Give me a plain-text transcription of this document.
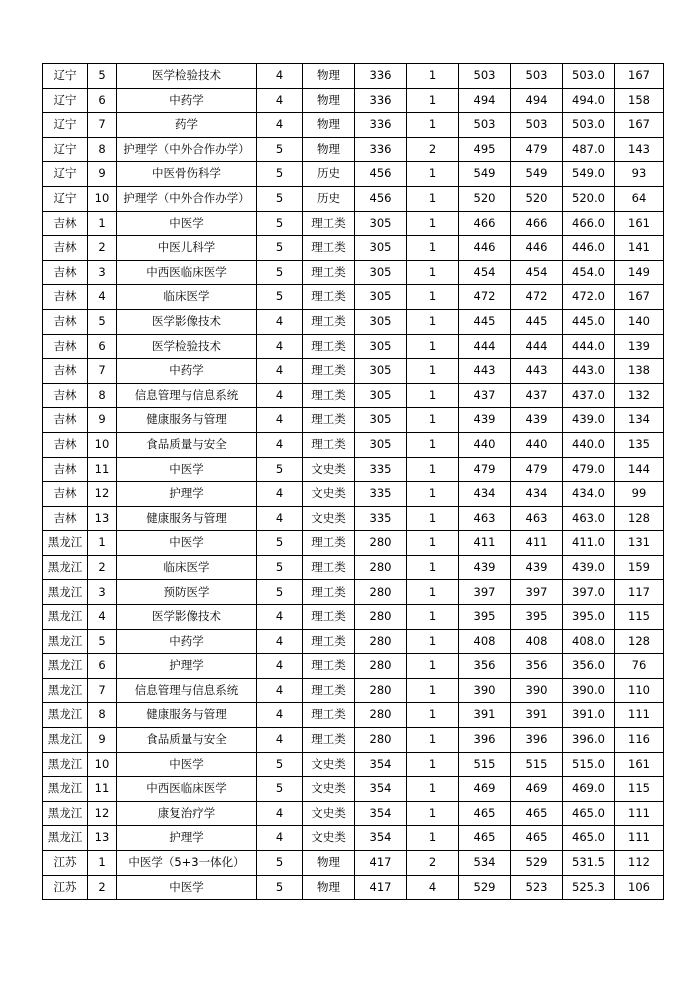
辽宁	5	医学检验技术	4	物理	336	1	503	503	503.0	167
辽宁	6	中药学	4	物理	336	1	494	494	494.0	158
辽宁	7	药学	4	物理	336	1	503	503	503.0	167
辽宁	8	护理学（中外合作办学）	5	物理	336	2	495	479	487.0	143
辽宁	9	中医骨伤科学	5	历史	456	1	549	549	549.0	93
辽宁	10	护理学（中外合作办学）	5	历史	456	1	520	520	520.0	64
吉林	1	中医学	5	理工类	305	1	466	466	466.0	161
吉林	2	中医儿科学	5	理工类	305	1	446	446	446.0	141
吉林	3	中西医临床医学	5	理工类	305	1	454	454	454.0	149
吉林	4	临床医学	5	理工类	305	1	472	472	472.0	167
吉林	5	医学影像技术	4	理工类	305	1	445	445	445.0	140
吉林	6	医学检验技术	4	理工类	305	1	444	444	444.0	139
吉林	7	中药学	4	理工类	305	1	443	443	443.0	138
吉林	8	信息管理与信息系统	4	理工类	305	1	437	437	437.0	132
吉林	9	健康服务与管理	4	理工类	305	1	439	439	439.0	134
吉林	10	食品质量与安全	4	理工类	305	1	440	440	440.0	135
吉林	11	中医学	5	文史类	335	1	479	479	479.0	144
吉林	12	护理学	4	文史类	335	1	434	434	434.0	99
吉林	13	健康服务与管理	4	文史类	335	1	463	463	463.0	128
黑龙江	1	中医学	5	理工类	280	1	411	411	411.0	131
黑龙江	2	临床医学	5	理工类	280	1	439	439	439.0	159
黑龙江	3	预防医学	5	理工类	280	1	397	397	397.0	117
黑龙江	4	医学影像技术	4	理工类	280	1	395	395	395.0	115
黑龙江	5	中药学	4	理工类	280	1	408	408	408.0	128
黑龙江	6	护理学	4	理工类	280	1	356	356	356.0	76
黑龙江	7	信息管理与信息系统	4	理工类	280	1	390	390	390.0	110
黑龙江	8	健康服务与管理	4	理工类	280	1	391	391	391.0	111
黑龙江	9	食品质量与安全	4	理工类	280	1	396	396	396.0	116
黑龙江	10	中医学	5	文史类	354	1	515	515	515.0	161
黑龙江	11	中西医临床医学	5	文史类	354	1	469	469	469.0	115
黑龙江	12	康复治疗学	4	文史类	354	1	465	465	465.0	111
黑龙江	13	护理学	4	文史类	354	1	465	465	465.0	111
江苏	1	中医学（5+3一体化）	5	物理	417	2	534	529	531.5	112
江苏	2	中医学	5	物理	417	4	529	523	525.3	106
